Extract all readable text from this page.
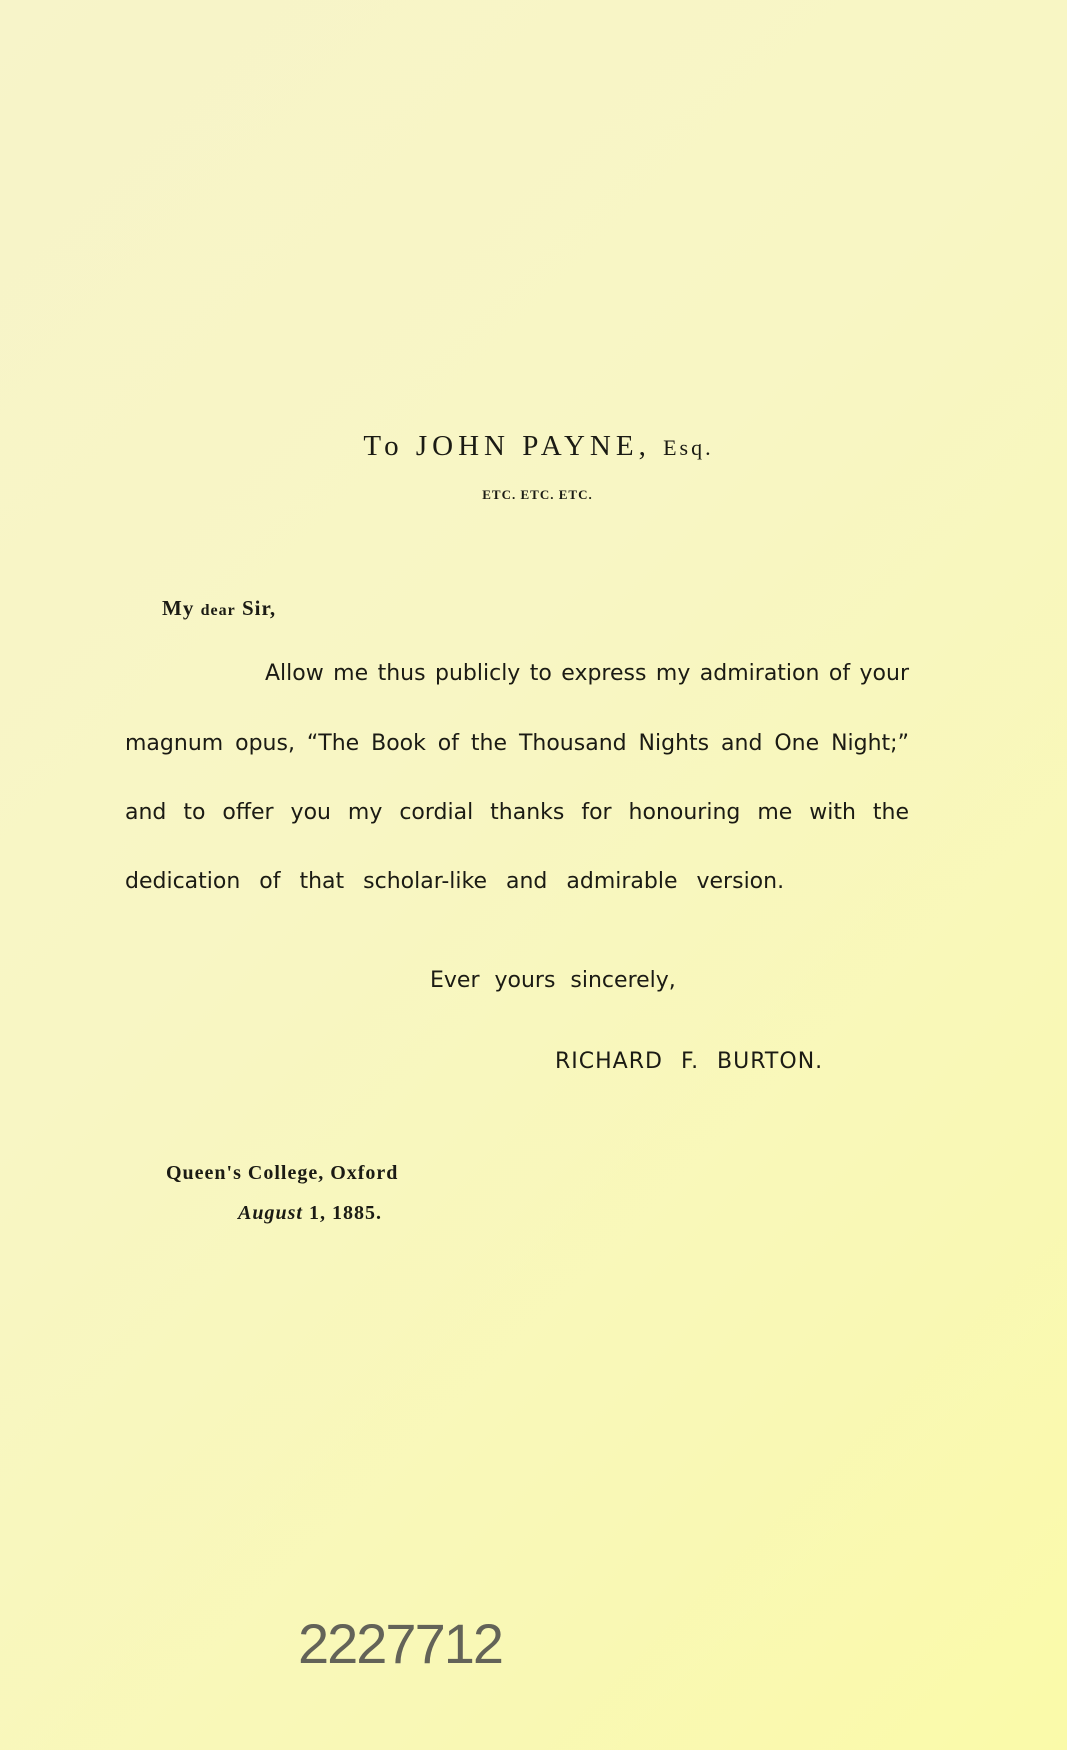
To JOHN PAYNE, Esq.
ETC. ETC. ETC.
My dear Sir,
Allow me thus publicly to express my admiration of your
magnum opus, “The Book of the Thousand Nights and One Night;”
and to offer you my cordial thanks for honouring me with the
dedication of that scholar-like and admirable version.
Ever yours sincerely,
RICHARD F. BURTON.
Queen's College, Oxford
August 1, 1885.
2227712
